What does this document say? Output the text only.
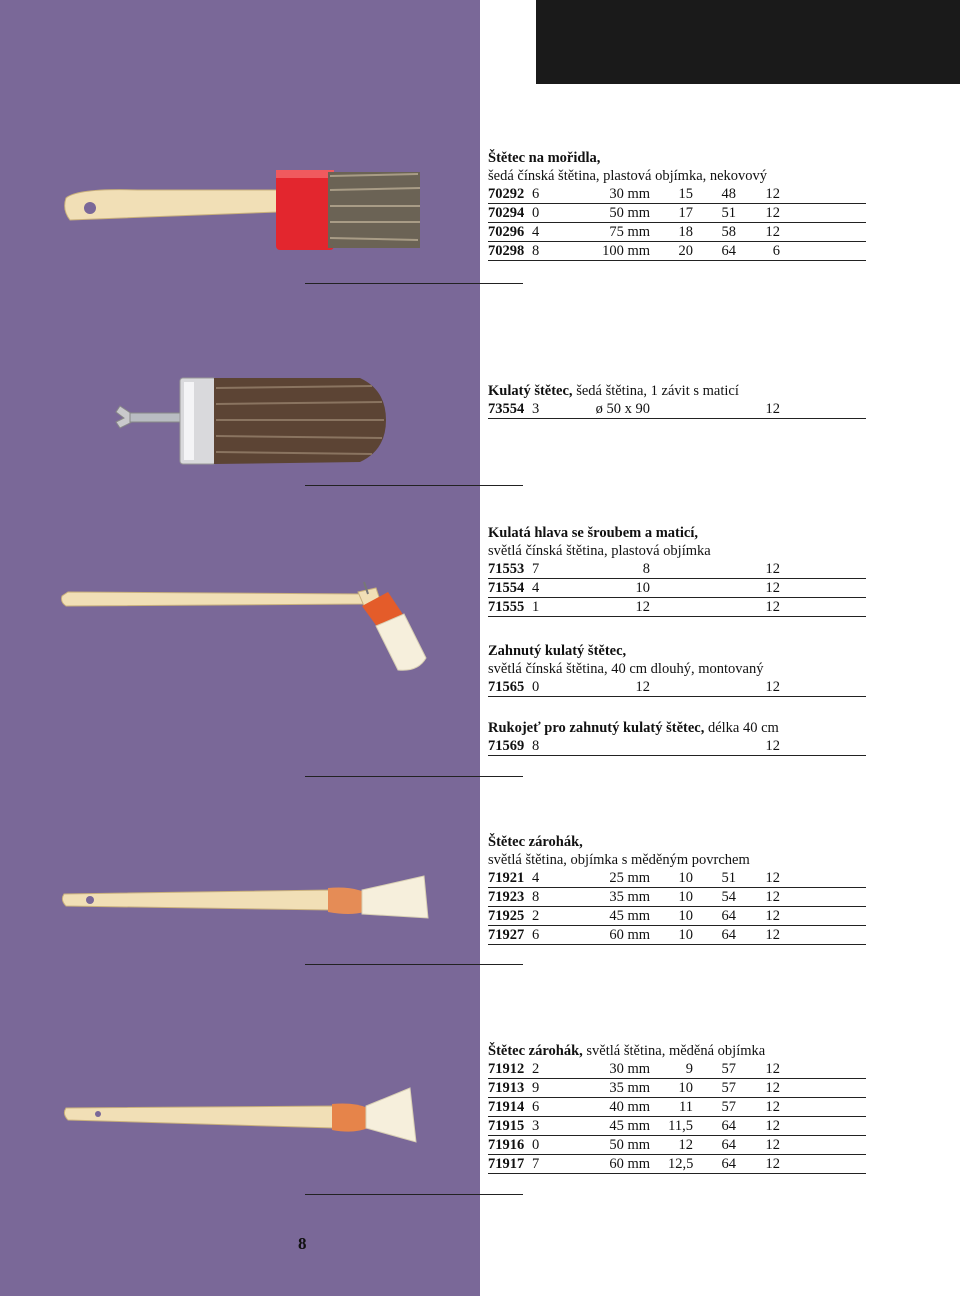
Štětec na mořidla,
šedá čínská štětina, plastová objímka, nekovový
70292 6	30 mm	15	48	12
70294 0	50 mm	17	51	12
70296 4	75 mm	18	58	12
70298 8	100 mm	20	64	6
Kulatý štětec, šedá štětina, 1 závit s maticí
73554 3	ø 50 x 90	12
Kulatá hlava se šroubem a maticí,
světlá čínská štětina, plastová objímka
71553 7	8	12
71554 4	10	12
71555 1	12	12
Zahnutý kulatý štětec,
světlá čínská štětina, 40 cm dlouhý, montovaný
71565 0	12	12
Rukojeť pro zahnutý kulatý štětec, délka 40 cm
71569 8	12
Štětec zárohák,
světlá štětina, objímka s měděným povrchem
71921 4	25 mm	10	51	12
71923 8	35 mm	10	54	12
71925 2	45 mm	10	64	12
71927 6	60 mm	10	64	12
Štětec zárohák, světlá štětina, měděná objímka
71912 2	30 mm	9	57	12
71913 9	35 mm	10	57	12
71914 6	40 mm	11	57	12
71915 3	45 mm 11,5	64	12
71916 0	50 mm	12	64	12
71917 7	60 mm 12,5	64	12
8
